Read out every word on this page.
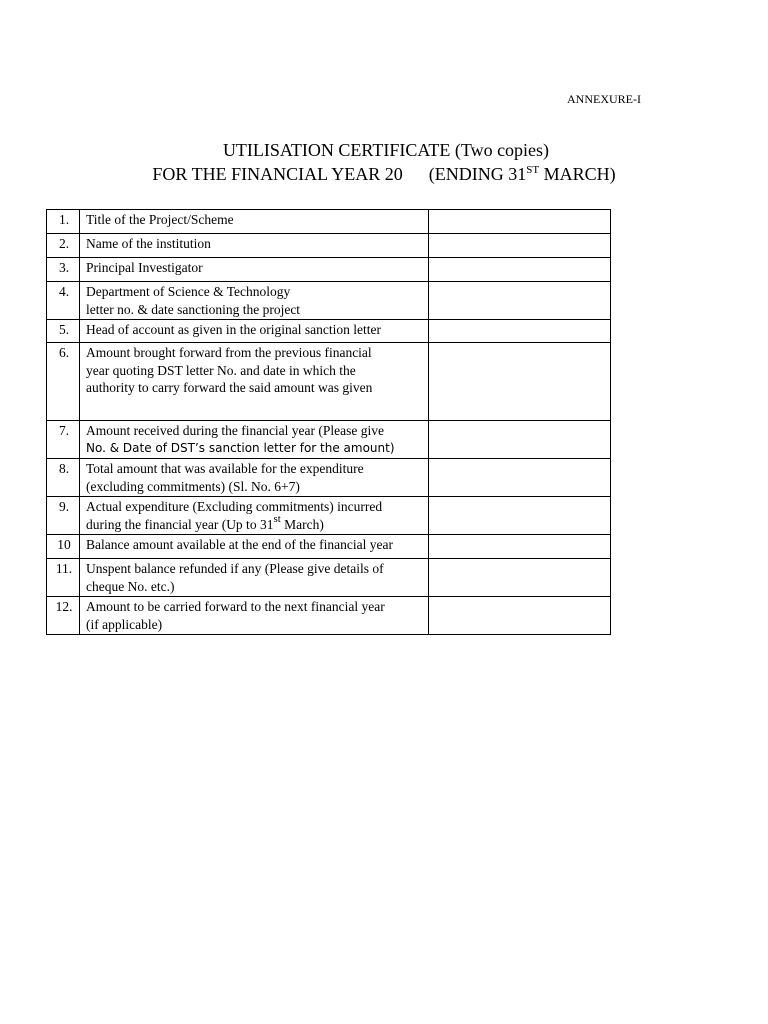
ANNEXURE-I
UTILISATION CERTIFICATE (Two copies)
FOR THE FINANCIAL YEAR 20 (ENDING 31ST MARCH)
1.	Title of the Project/Scheme	

2.	Name of the institution	

3.	Principal Investigator	

4.	Department of Science & Technology
letter no. & date sanctioning the project	

5.	Head of account as given in the original sanction letter	

6.	Amount brought forward from the previous financial
year quoting DST letter No. and date in which the
authority to carry forward the said amount was given	

7.	Amount received during the financial year (Please give
No. & Date of DST’s sanction letter for the amount)	

8.	Total amount that was available for the expenditure
(excluding commitments) (Sl. No. 6+7)	

9.	Actual expenditure (Excluding commitments) incurred
during the financial year (Up to 31st March)	

10	Balance amount available at the end of the financial year	

11.	Unspent balance refunded if any (Please give details of
cheque No. etc.)	

12.	Amount to be carried forward to the next financial year
(if applicable)	
